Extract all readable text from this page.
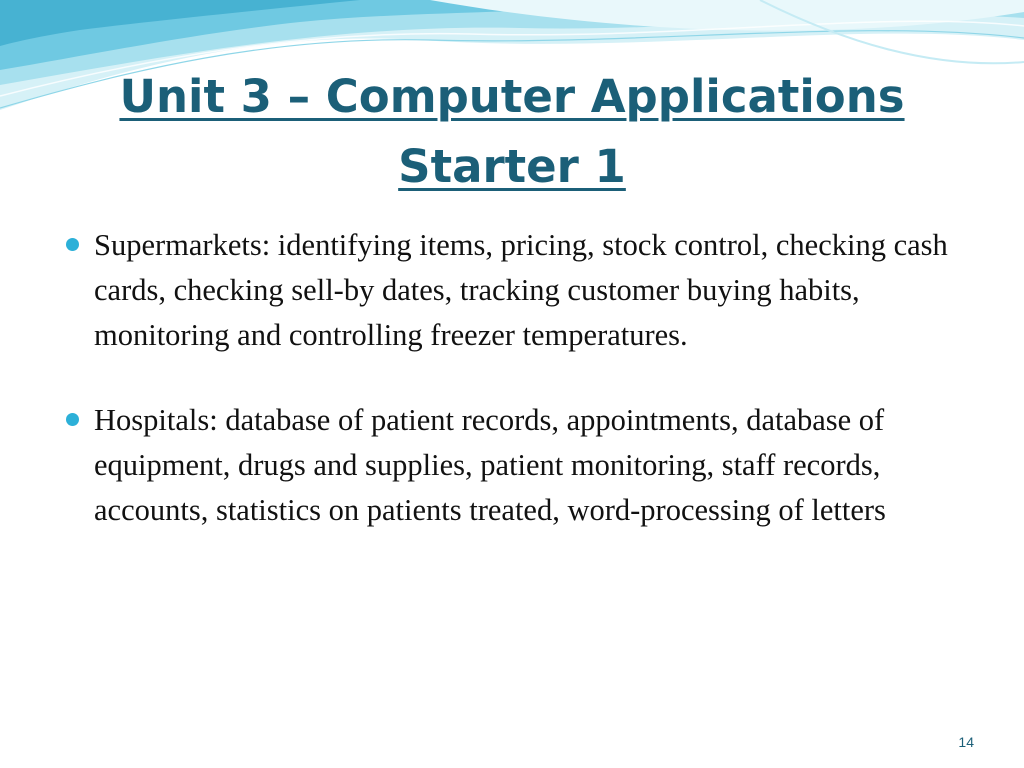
Unit 3 – Computer Applications
Starter 1
Supermarkets: identifying items, pricing, stock control, checking cash cards, checking sell-by dates, tracking customer buying habits, monitoring and controlling freezer temperatures.
Hospitals: database of patient records, appointments, database of equipment, drugs and supplies, patient monitoring, staff records, accounts, statistics on patients treated, word-processing of letters
14
